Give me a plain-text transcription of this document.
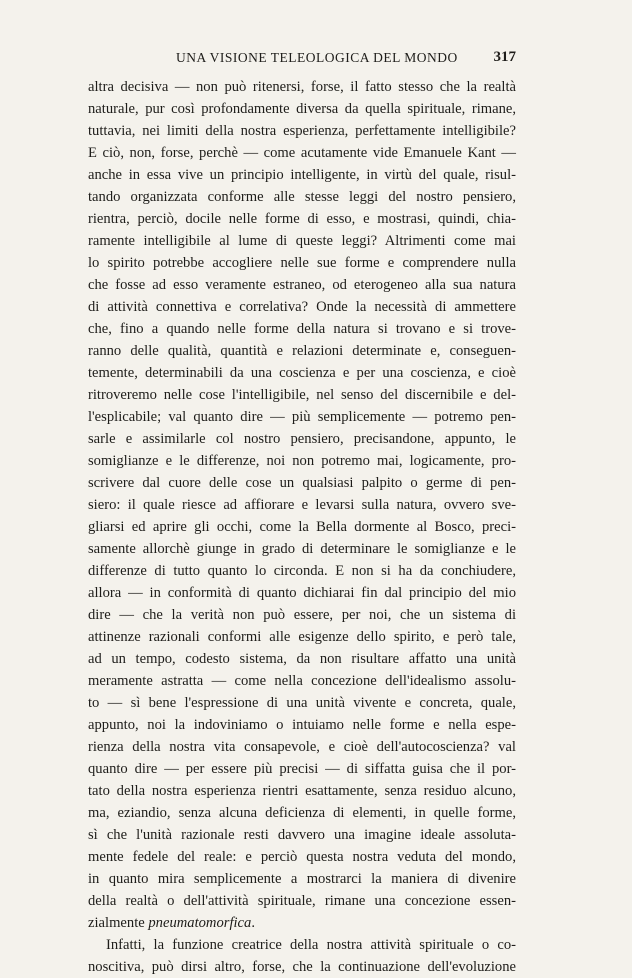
UNA VISIONE TELEOLOGICA DEL MONDO 317
altra decisiva — non può ritenersi, forse, il fatto stesso che la realtà
naturale, pur così profondamente diversa da quella spirituale, rimane,
tuttavia, nei limiti della nostra esperienza, perfettamente intelligibile?
E ciò, non, forse, perchè — come acutamente vide Emanuele Kant —
anche in essa vive un principio intelligente, in virtù del quale, risul-
tando organizzata conforme alle stesse leggi del nostro pensiero,
rientra, perciò, docile nelle forme di esso, e mostrasi, quindi, chia-
ramente intelligibile al lume di queste leggi? Altrimenti come mai
lo spirito potrebbe accogliere nelle sue forme e comprendere nulla
che fosse ad esso veramente estraneo, od eterogeneo alla sua natura
di attività connettiva e correlativa? Onde la necessità di ammettere
che, fino a quando nelle forme della natura si trovano e si trove-
ranno delle qualità, quantità e relazioni determinate e, conseguen-
temente, determinabili da una coscienza e per una coscienza, e cioè
ritroveremo nelle cose l'intelligibile, nel senso del discernibile e del-
l'esplicabile; val quanto dire — più semplicemente — potremo pen-
sarle e assimilarle col nostro pensiero, precisandone, appunto, le
somiglianze e le differenze, noi non potremo mai, logicamente, pro-
scrivere dal cuore delle cose un qualsiasi palpito o germe di pen-
siero: il quale riesce ad affiorare e levarsi sulla natura, ovvero sve-
gliarsi ed aprire gli occhi, come la Bella dormente al Bosco, preci-
samente allorchè giunge in grado di determinare le somiglianze e le
differenze di tutto quanto lo circonda. E non si ha da conchiudere,
allora — in conformità di quanto dichiarai fin dal principio del mio
dire — che la verità non può essere, per noi, che un sistema di
attinenze razionali conformi alle esigenze dello spirito, e però tale,
ad un tempo, codesto sistema, da non risultare affatto una unità
meramente astratta — come nella concezione dell'idealismo assolu-
to — sì bene l'espressione di una unità vivente e concreta, quale,
appunto, noi la indoviniamo o intuiamo nelle forme e nella espe-
rienza della nostra vita consapevole, e cioè dell'autocoscienza? val
quanto dire — per essere più precisi — di siffatta guisa che il por-
tato della nostra esperienza rientri esattamente, senza residuo alcuno,
ma, eziandio, senza alcuna deficienza di elementi, in quelle forme,
sì che l'unità razionale resti davvero una imagine ideale assoluta-
mente fedele del reale: e perciò questa nostra veduta del mondo,
in quanto mira semplicemente a mostrarci la maniera di divenire
della realtà o dell'attività spirituale, rimane una concezione essen-
zialmente pneumatomorfica.
Infatti, la funzione creatrice della nostra attività spirituale o co-
noscitiva, può dirsi altro, forse, che la continuazione dell'evoluzione
